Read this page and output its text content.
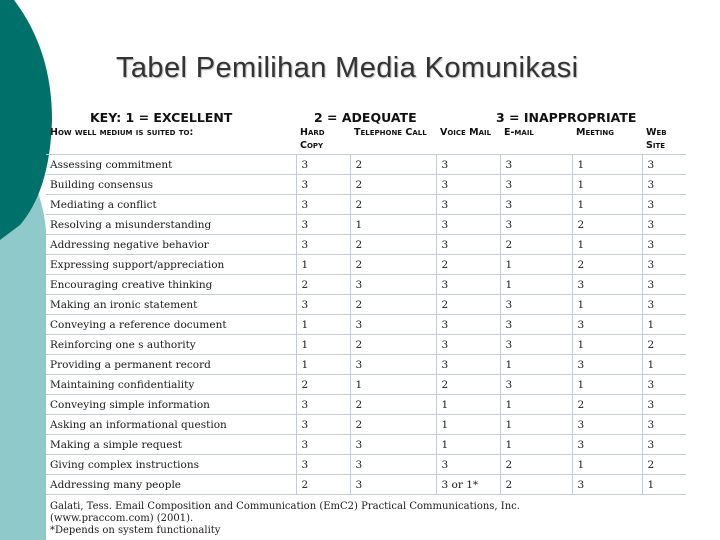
Tabel Pemilihan Media Komunikasi
KEY: 1 = EXCELLENT	2 = ADEQUATE	3 = INAPPROPRIATE
How well medium is suited to:	Hard Copy	Telephone Call	Voice Mail	E-mail	Meeting	Web Site
Assessing commitment	3	2	3	3	1	3
Building consensus	3	2	3	3	1	3
Mediating a conflict	3	2	3	3	1	3
Resolving a misunderstanding	3	1	3	3	2	3
Addressing negative behavior	3	2	3	2	1	3
Expressing support/appreciation	1	2	2	1	2	3
Encouraging creative thinking	2	3	3	1	3	3
Making an ironic statement	3	2	2	3	1	3
Conveying a reference document	1	3	3	3	3	1
Reinforcing one s authority	1	2	3	3	1	2
Providing a permanent record	1	3	3	1	3	1
Maintaining confidentiality	2	1	2	3	1	3
Conveying simple information	3	2	1	1	2	3
Asking an informational question	3	2	1	1	3	3
Making a simple request	3	3	1	1	3	3
Giving complex instructions	3	3	3	2	1	2
Addressing many people	2	3	3 or 1*	2	3	1
Galati, Tess. Email Composition and Communication (EmC2) Practical Communications, Inc.
(www.praccom.com) (2001).
*Depends on system functionality
